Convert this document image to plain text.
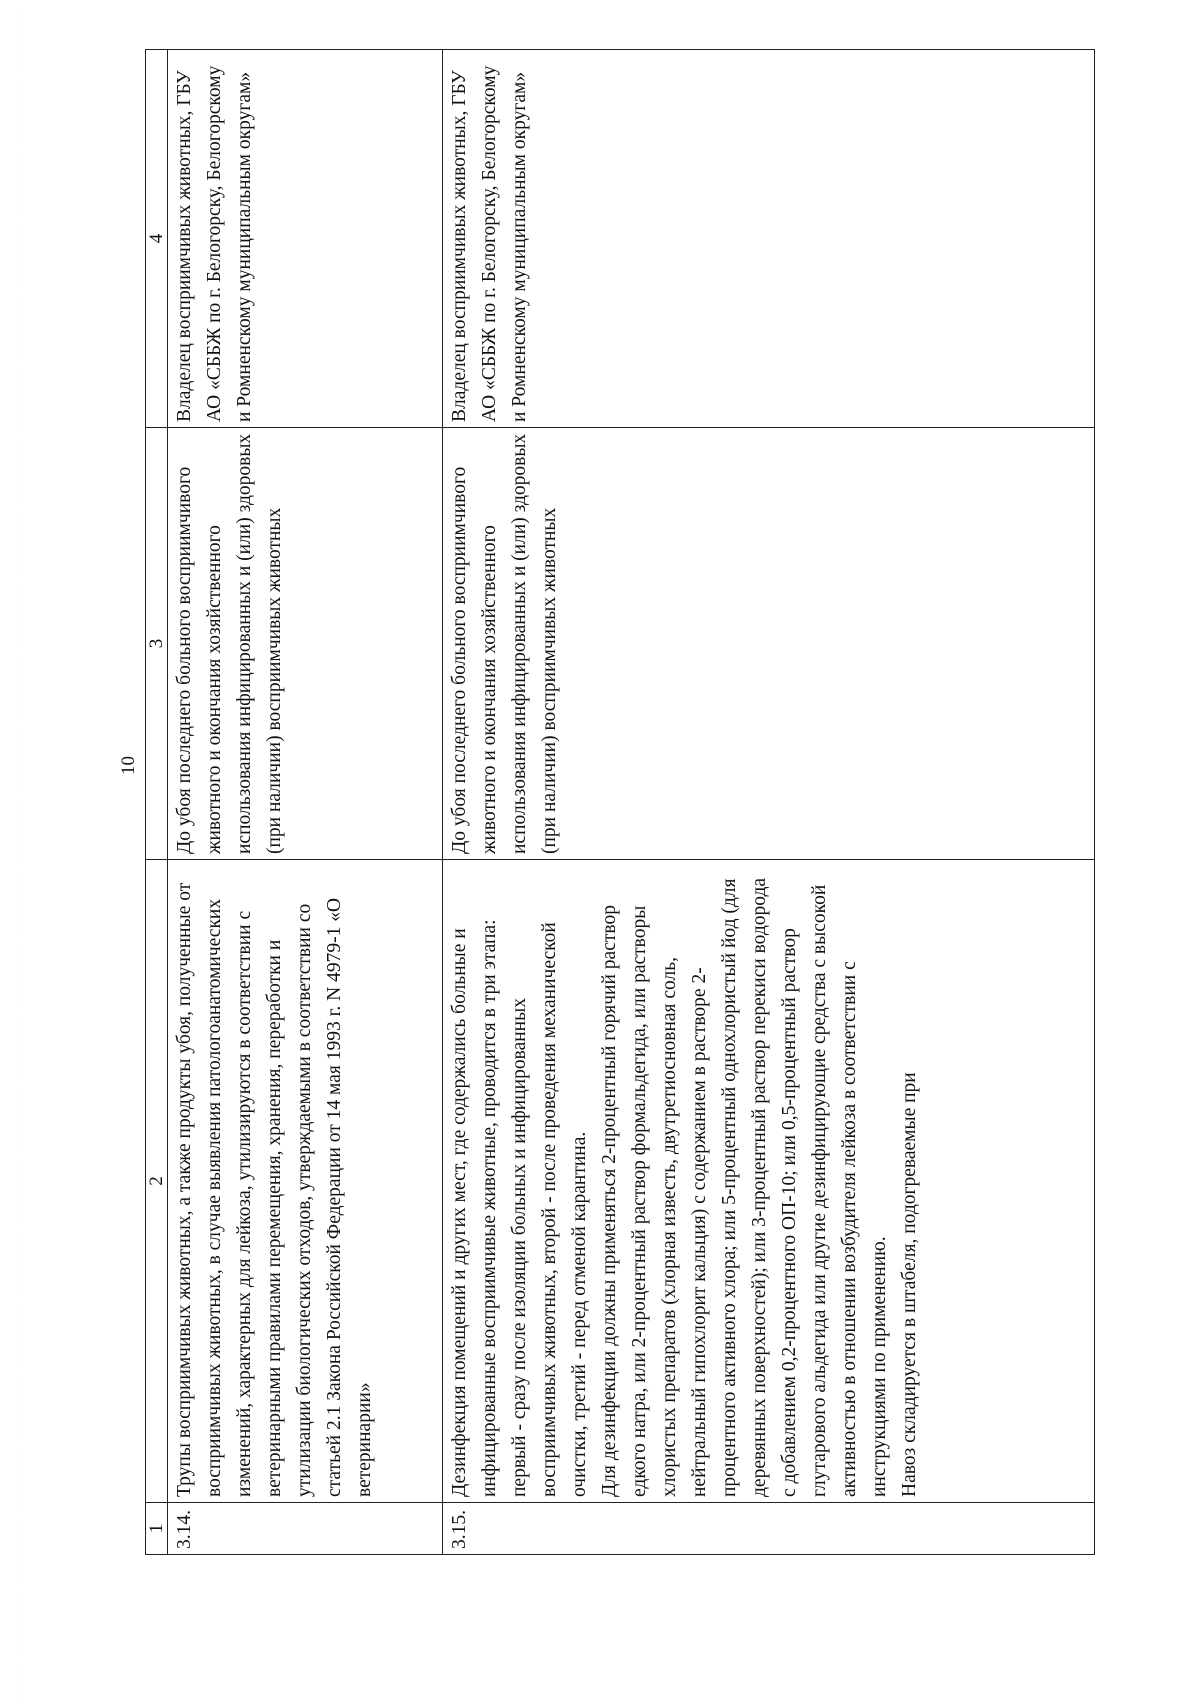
10
1	2	3	4
3.14.	Трупы восприимчивых животных, а также продукты убоя, полученные от восприимчивых животных, в случае выявления патологоанатомических изменений, характерных для лейкоза, утилизируются в соответствии с ветеринарными правилами перемещения, хранения, переработки и утилизации биологических отходов, утверждаемыми в соответствии со статьей 2.1 Закона Российской Федерации от 14 мая 1993 г. N 4979-1 «О ветеринарии»	До убоя последнего больного восприимчивого животного и окончания хозяйственного использования инфицированных и (или) здоровых (при наличии) восприимчивых животных	Владелец восприимчивых животных, ГБУ АО «СББЖ по г. Белогорску, Белогорскому и Ромненскому муниципальным округам»
3.15.	Дезинфекция помещений и других мест, где содержались больные и инфицированные восприимчивые животные, проводится в три этапа: первый - сразу после изоляции больных и инфицированных восприимчивых животных, второй - после проведения механической очистки, третий - перед отменой карантина. Для дезинфекции должны применяться 2-процентный горячий раствор едкого натра, или 2-процентный раствор формальдегида, или растворы хлористых препаратов (хлорная известь, двутретиосновная соль, нейтральный гипохлорит кальция) с содержанием в растворе 2-процентного активного хлора; или 5-процентный однохлористый йод (для деревянных поверхностей); или 3-процентный раствор перекиси водорода с добавлением 0,2-процентного ОП-10; или 0,5-процентный раствор глутарового альдегида или другие дезинфицирующие средства с высокой активностью в отношении возбудителя лейкоза в соответствии с инструкциями по применению. Навоз складируется в штабеля, подогреваемые при	До убоя последнего больного восприимчивого животного и окончания хозяйственного использования инфицированных и (или) здоровых (при наличии) восприимчивых животных	Владелец восприимчивых животных, ГБУ АО «СББЖ по г. Белогорску, Белогорскому и Ромненскому муниципальным округам»
